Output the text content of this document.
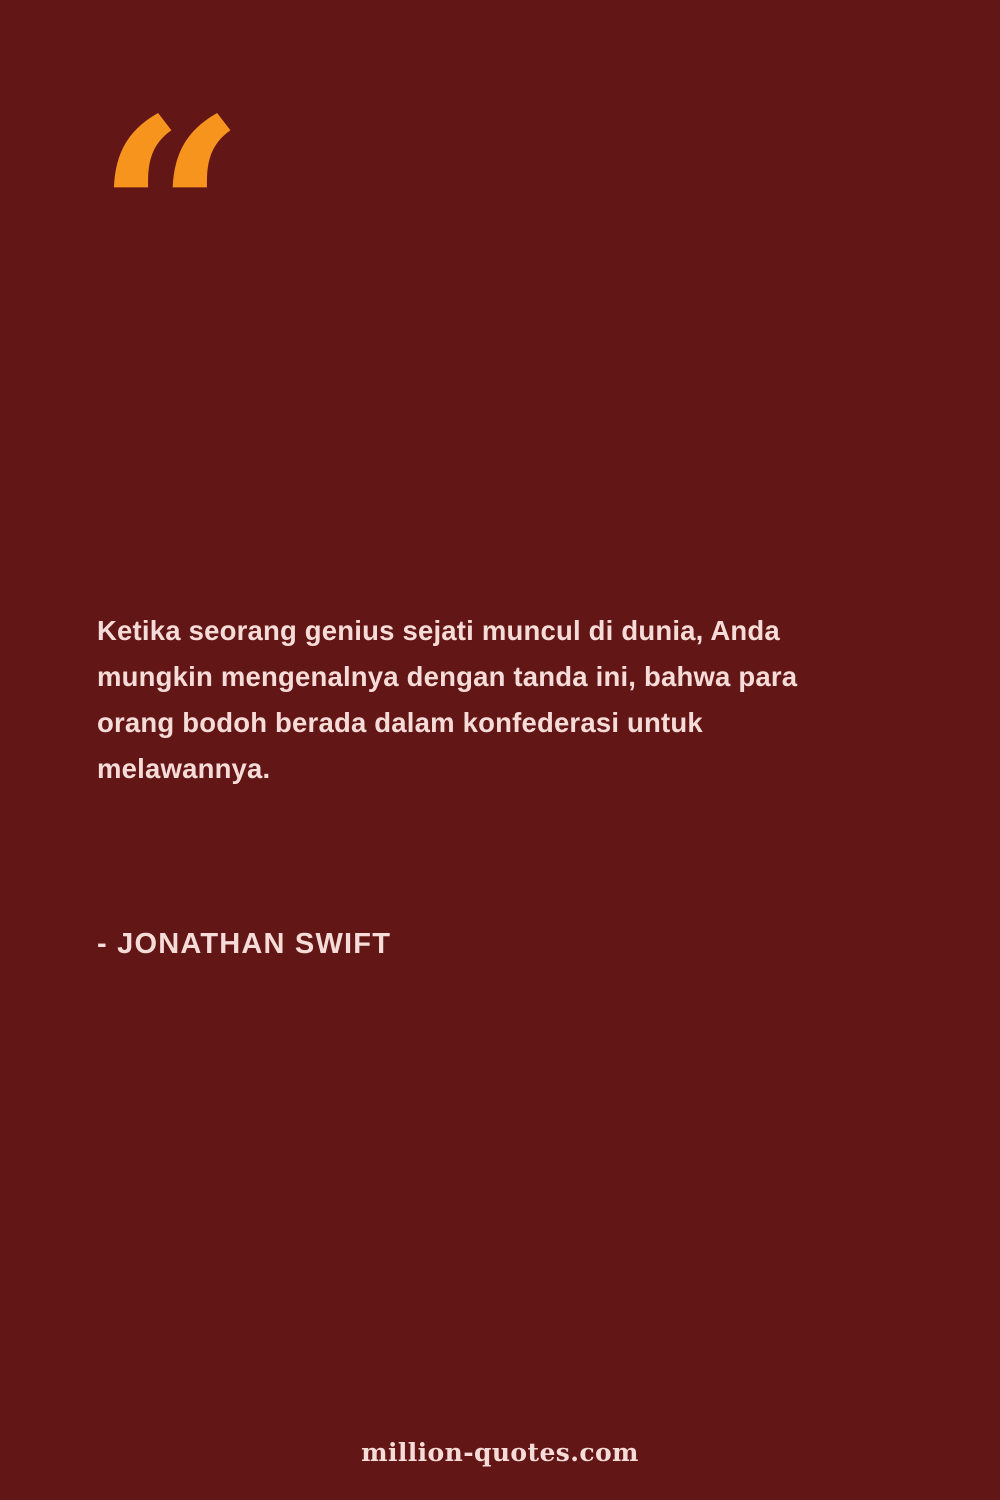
“
Ketika seorang genius sejati muncul di dunia, Anda mungkin mengenalnya dengan tanda ini, bahwa para orang bodoh berada dalam konfederasi untuk melawannya.
- JONATHAN SWIFT
million-quotes.com
